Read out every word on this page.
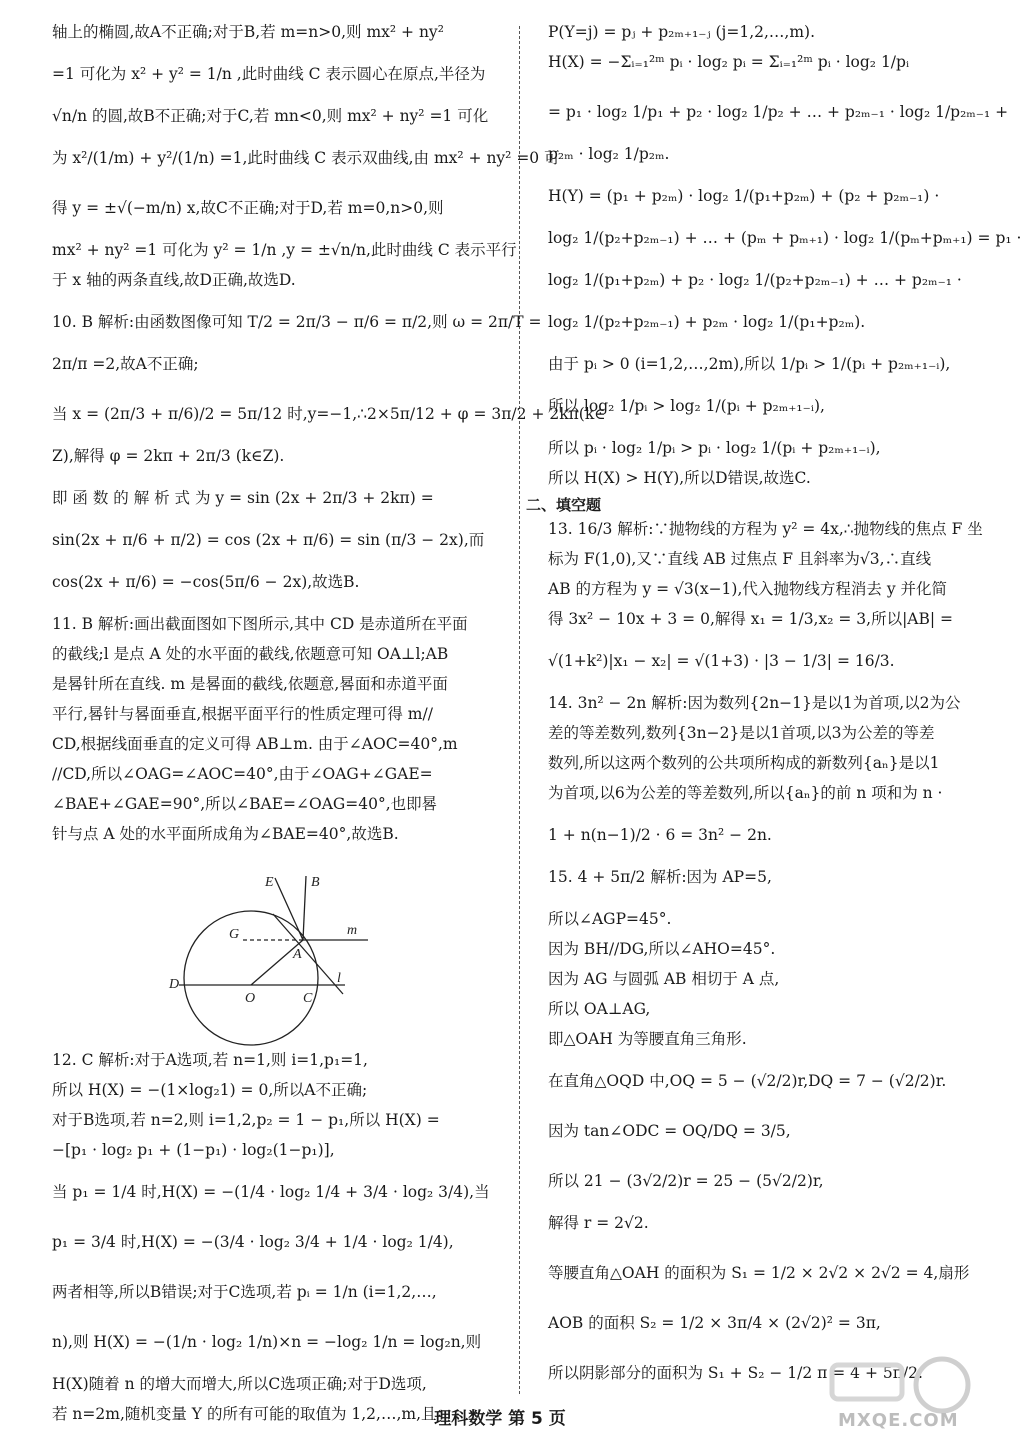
轴上的椭圆,故A不正确;对于B,若 m=n>0,则 mx² + ny²

=1 可化为 x² + y² = 1/n ,此时曲线 C 表示圆心在原点,半径为

√n/n 的圆,故B不正确;对于C,若 mn<0,则 mx² + ny² =1 可化

为 x²/(1/m) + y²/(1/n) =1,此时曲线 C 表示双曲线,由 mx² + ny² =0 可

得 y = ±√(−m/n) x,故C不正确;对于D,若 m=0,n>0,则

mx² + ny² =1 可化为 y² = 1/n ,y = ±√n/n,此时曲线 C 表示平行

于 x 轴的两条直线,故D正确,故选D.

10. B 解析:由函数图像可知 T/2 = 2π/3 − π/6 = π/2,则 ω = 2π/T =

2π/π =2,故A不正确;

当 x = (2π/3 + π/6)/2 = 5π/12 时,y=−1,∴2×5π/12 + φ = 3π/2 + 2kπ(k∈

Z),解得 φ = 2kπ + 2π/3 (k∈Z).

即 函 数 的 解 析 式 为 y = sin (2x + 2π/3 + 2kπ) =

sin(2x + π/6 + π/2) = cos (2x + π/6) = sin (π/3 − 2x),而

cos(2x + π/6) = −cos(5π/6 − 2x),故选B.

11. B 解析:画出截面图如下图所示,其中 CD 是赤道所在平面

的截线;l 是点 A 处的水平面的截线,依题意可知 OA⊥l;AB

是晷针所在直线. m 是晷面的截线,依题意,晷面和赤道平面

平行,晷针与晷面垂直,根据平面平行的性质定理可得 m//

CD,根据线面垂直的定义可得 AB⊥m. 由于∠AOC=40°,m

//CD,所以∠OAG=∠AOC=40°,由于∠OAG+∠GAE=

∠BAE+∠GAE=90°,所以∠BAE=∠OAG=40°,也即晷

针与点 A 处的水平面所成角为∠BAE=40°,故选B.

12. C 解析:对于A选项,若 n=1,则 i=1,p₁=1,

所以 H(X) = −(1×log₂1) = 0,所以A不正确;

对于B选项,若 n=2,则 i=1,2,p₂ = 1 − p₁,所以 H(X) =

−[p₁ · log₂ p₁ + (1−p₁) · log₂(1−p₁)],

当 p₁ = 1/4 时,H(X) = −(1/4 · log₂ 1/4 + 3/4 · log₂ 3/4),当

p₁ = 3/4 时,H(X) = −(3/4 · log₂ 3/4 + 1/4 · log₂ 1/4),

两者相等,所以B错误;对于C选项,若 pᵢ = 1/n (i=1,2,…,

n),则 H(X) = −(1/n · log₂ 1/n)×n = −log₂ 1/n = log₂n,则

H(X)随着 n 的增大而增大,所以C选项正确;对于D选项,

若 n=2m,随机变量 Y 的所有可能的取值为 1,2,…,m,且

E	B
G	m
A
l
D
O	C

P(Y=j) = pⱼ + p₂ₘ₊₁₋ⱼ (j=1,2,…,m).

H(X) = −Σᵢ₌₁²ᵐ pᵢ · log₂ pᵢ = Σᵢ₌₁²ᵐ pᵢ · log₂ 1/pᵢ

= p₁ · log₂ 1/p₁ + p₂ · log₂ 1/p₂ + … + p₂ₘ₋₁ · log₂ 1/p₂ₘ₋₁ +

p₂ₘ · log₂ 1/p₂ₘ.

H(Y) = (p₁ + p₂ₘ) · log₂ 1/(p₁+p₂ₘ) + (p₂ + p₂ₘ₋₁) ·

log₂ 1/(p₂+p₂ₘ₋₁) + … + (pₘ + pₘ₊₁) · log₂ 1/(pₘ+pₘ₊₁) = p₁ ·

log₂ 1/(p₁+p₂ₘ) + p₂ · log₂ 1/(p₂+p₂ₘ₋₁) + … + p₂ₘ₋₁ ·

log₂ 1/(p₂+p₂ₘ₋₁) + p₂ₘ · log₂ 1/(p₁+p₂ₘ).

由于 pᵢ > 0 (i=1,2,…,2m),所以 1/pᵢ > 1/(pᵢ + p₂ₘ₊₁₋ᵢ),

所以 log₂ 1/pᵢ > log₂ 1/(pᵢ + p₂ₘ₊₁₋ᵢ),

所以 pᵢ · log₂ 1/pᵢ > pᵢ · log₂ 1/(pᵢ + p₂ₘ₊₁₋ᵢ),

所以 H(X) > H(Y),所以D错误,故选C.

二、填空题

13. 16/3 解析:∵抛物线的方程为 y² = 4x,∴抛物线的焦点 F 坐

标为 F(1,0),又∵直线 AB 过焦点 F 且斜率为√3,∴直线

AB 的方程为 y = √3(x−1),代入抛物线方程消去 y 并化简

得 3x² − 10x + 3 = 0,解得 x₁ = 1/3,x₂ = 3,所以|AB| =

√(1+k²)|x₁ − x₂| = √(1+3) · |3 − 1/3| = 16/3.

14. 3n² − 2n 解析:因为数列{2n−1}是以1为首项,以2为公

差的等差数列,数列{3n−2}是以1首项,以3为公差的等差

数列,所以这两个数列的公共项所构成的新数列{aₙ}是以1

为首项,以6为公差的等差数列,所以{aₙ}的前 n 项和为 n ·

1 + n(n−1)/2 · 6 = 3n² − 2n.

15. 4 + 5π/2 解析:因为 AP=5,

所以∠AGP=45°.

因为 BH//DG,所以∠AHO=45°.

因为 AG 与圆弧 AB 相切于 A 点,

所以 OA⊥AG,

即△OAH 为等腰直角三角形.

在直角△OQD 中,OQ = 5 − (√2/2)r,DQ = 7 − (√2/2)r.

因为 tan∠ODC = OQ/DQ = 3/5,

所以 21 − (3√2/2)r = 25 − (5√2/2)r,

解得 r = 2√2.

等腰直角△OAH 的面积为 S₁ = 1/2 × 2√2 × 2√2 = 4,扇形

AOB 的面积 S₂ = 1/2 × 3π/4 × (2√2)² = 3π,

所以阴影部分的面积为 S₁ + S₂ − 1/2 π = 4 + 5π/2.

MXQE.COM
理科数学 第 5 页
